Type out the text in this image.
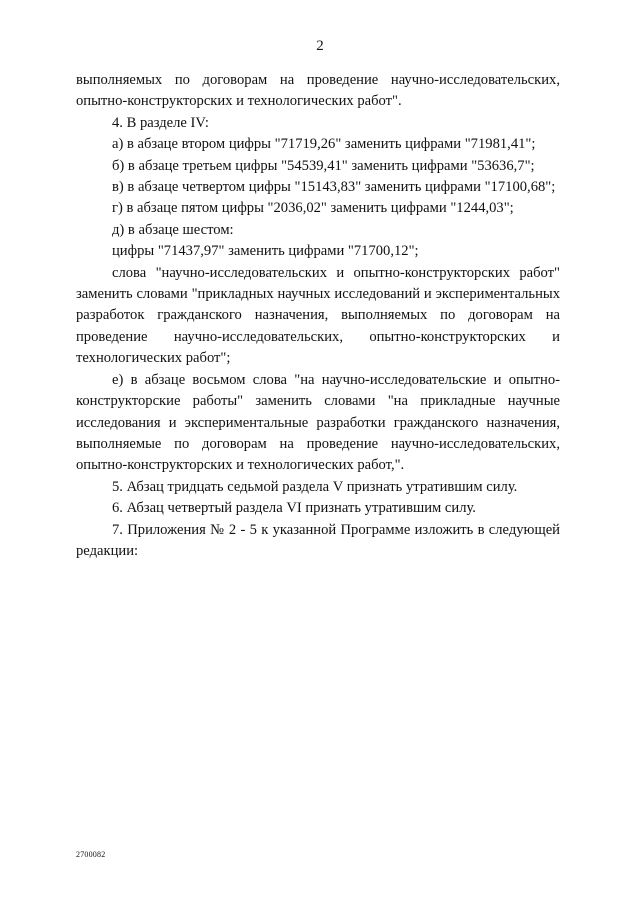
2

выполняемых по договорам на проведение научно-исследовательских, опытно-конструкторских и технологических работ".

4. В разделе IV:

а) в абзаце втором цифры "71719,26" заменить цифрами "71981,41";

б) в абзаце третьем цифры "54539,41" заменить цифрами "53636,7";

в) в абзаце четвертом цифры "15143,83" заменить цифрами "17100,68";

г) в абзаце пятом цифры "2036,02" заменить цифрами "1244,03";

д) в абзаце шестом:

цифры "71437,97" заменить цифрами "71700,12";

слова "научно-исследовательских и опытно-конструкторских работ" заменить словами "прикладных научных исследований и экспериментальных разработок гражданского назначения, выполняемых по договорам на проведение научно-исследовательских, опытно-конструкторских и технологических работ";

е) в абзаце восьмом слова "на научно-исследовательские и опытно-конструкторские работы" заменить словами "на прикладные научные исследования и экспериментальные разработки гражданского назначения, выполняемые по договорам на проведение научно-исследовательских, опытно-конструкторских и технологических работ,".

5. Абзац тридцать седьмой раздела V признать утратившим силу.

6. Абзац четвертый раздела VI признать утратившим силу.

7. Приложения № 2 - 5 к указанной Программе изложить в следующей редакции:

2700082
